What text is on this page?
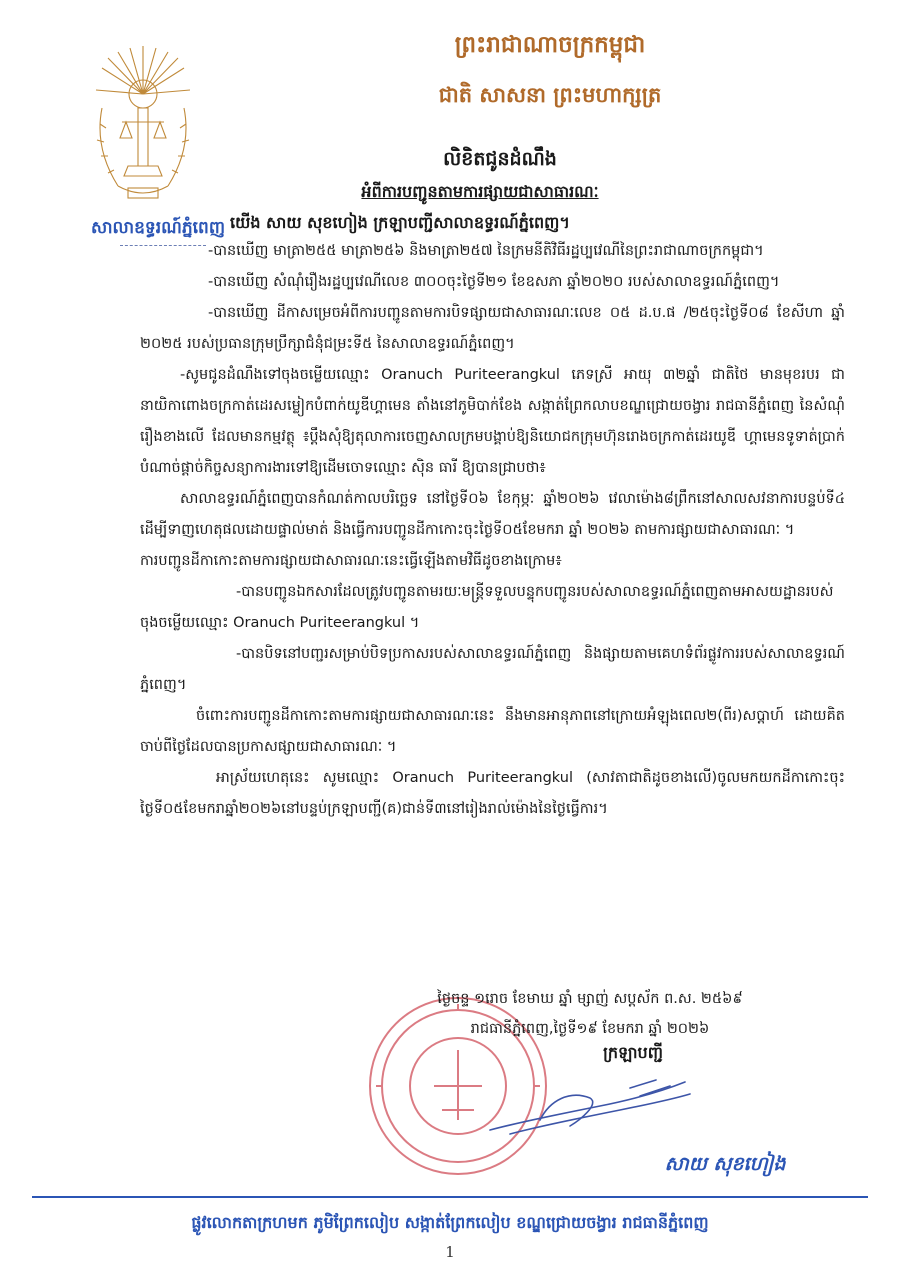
ព្រះរាជាណាចក្រកម្ពុជា
ជាតិ សាសនា ព្រះមហាក្សត្រ
សាលាឧទ្ធរណ៍ភ្នំពេញ
លិខិតជូនដំណឹង
អំពីការបញ្ជូនតាមការផ្សាយជាសាធារណៈ
យើង សាយ សុខហៀង ក្រឡាបញ្ជីសាលាឧទ្ធរណ៍ភ្នំពេញ។

-បានឃើញ មាត្រា២៥៥ មាត្រា២៥៦ និងមាត្រា២៥៧ នៃក្រមនីតិវិធីរដ្ឋប្បវេណីនៃព្រះរាជាណាចក្រកម្ពុជា។

-បានឃើញ សំណុំរឿងរដ្ឋប្បវេណីលេខ ៣០០ចុះថ្ងៃទី២១ ខែឧសភា ឆ្នាំ២០២០ របស់សាលាឧទ្ធរណ៍ភ្នំពេញ។

-បានឃើញ ដីកាសម្រេចអំពីការបញ្ជូនតាមការបិទផ្សាយជាសាធារណៈលេខ ០៥ ដ.ប.ផ /២៥ចុះថ្ងៃទី០៨ ខែសីហា ឆ្នាំ ២០២៥ របស់ប្រធានក្រុមប្រឹក្សាជំនុំជម្រះទី៥ នៃសាលាឧទ្ធរណ៍ភ្នំពេញ។

-សូមជូនដំណឹងទៅចុងចម្លើយឈ្មោះ Oranuch Puriteerangkul ភេទស្រី អាយុ ៣២ឆ្នាំ ជាតិថៃ មានមុខរបរ ជានាយិកាពោងចក្រកាត់ដេរសម្លៀកបំពាក់យូឌីហ្គាមេន តាំងនៅភូមិបាក់ខែង សង្កាត់ព្រែកលាបខណ្ឌជ្រោយចង្វារ រាជធានីភ្នំពេញ នៃសំណុំរឿងខាងលើ ដែលមានកម្មវត្ថុ ៖ប្ដឹងសុំឱ្យតុលាការចេញសាលក្រមបង្គាប់ឱ្យនិយោជកក្រុមហ៊ុនរោងចក្រកាត់ដេរយូឌី ហ្គាមេនទូទាត់ប្រាក់បំណាច់ផ្ដាច់កិច្ចសន្យាការងារទៅឱ្យដើមចោទឈ្មោះ ស៊ិន ធារី ឱ្យបានជ្រាបថា៖

សាលាឧទ្ធរណ៍ភ្នំពេញបានកំណត់កាលបរិច្ឆេទ នៅថ្ងៃទី០៦ ខែកុម្ភៈ ឆ្នាំ២០២៦ វេលាម៉ោង៨ព្រឹកនៅសាលសវនាការបន្ទប់ទី៤ ដើម្បីទាញហេតុផលដោយផ្ទាល់មាត់ និងធ្វើការបញ្ជូនដីកាកោះចុះថ្ងៃទី០៥ខែមករា ឆ្នាំ ២០២៦ តាមការផ្សាយជាសាធារណៈ ។

ការបញ្ជូនដីកាកោះតាមការផ្សាយជាសាធារណៈនេះធ្វើឡើងតាមវិធីដូចខាងក្រោម៖

-បានបញ្ជូនឯកសារដែលត្រូវបញ្ជូនតាមរយៈមន្ត្រីទទួលបន្ទុកបញ្ជូនរបស់សាលាឧទ្ធរណ៍ភ្នំពេញតាមអាសយដ្ឋានរបស់ចុងចម្លើយឈ្មោះ Oranuch Puriteerangkul ។

-បានបិទនៅបញ្ជរសម្រាប់បិទប្រកាសរបស់សាលាឧទ្ធរណ៍ភ្នំពេញ និងផ្សាយតាមគេហទំព័រផ្លូវការរបស់សាលាឧទ្ធរណ៍ភ្នំពេញ។

ចំពោះការបញ្ជូនដីកាកោះតាមការផ្សាយជាសាធារណៈនេះ នឹងមានអានុភាពនៅក្រោយអំឡុងពេល២(ពីរ)សប្ដាហ៍ ដោយគិតចាប់ពីថ្ងៃដែលបានប្រកាសផ្សាយជាសាធារណៈ ។

អាស្រ័យហេតុនេះ សូមឈ្មោះ Oranuch Puriteerangkul (សាវតាជាតិដូចខាងលើ)ចូលមកយកដីកាកោះចុះថ្ងៃទី០៥ខែមករាឆ្នាំ២០២៦នៅបន្ទប់ក្រឡាបញ្ជី(គ)ជាន់ទី៣នៅរៀងរាល់ម៉ោងនៃថ្ងៃធ្វើការ។

ថ្ងៃចន្ទ ១រោច ខែមាឃ ឆ្នាំ ម្សាញ់ សប្ដស័ក ព.ស. ២៥៦៩
រាជធានីភ្នំពេញ,ថ្ងៃទី១៩ ខែមករា ឆ្នាំ ២០២៦
ក្រឡាបញ្ជី
សាយ សុខហៀង
ផ្លូវលោកតាក្រហមក ភូមិព្រែកលៀប សង្កាត់ព្រែកលៀប ខណ្ឌជ្រោយចង្វារ រាជធានីភ្នំពេញ
1
